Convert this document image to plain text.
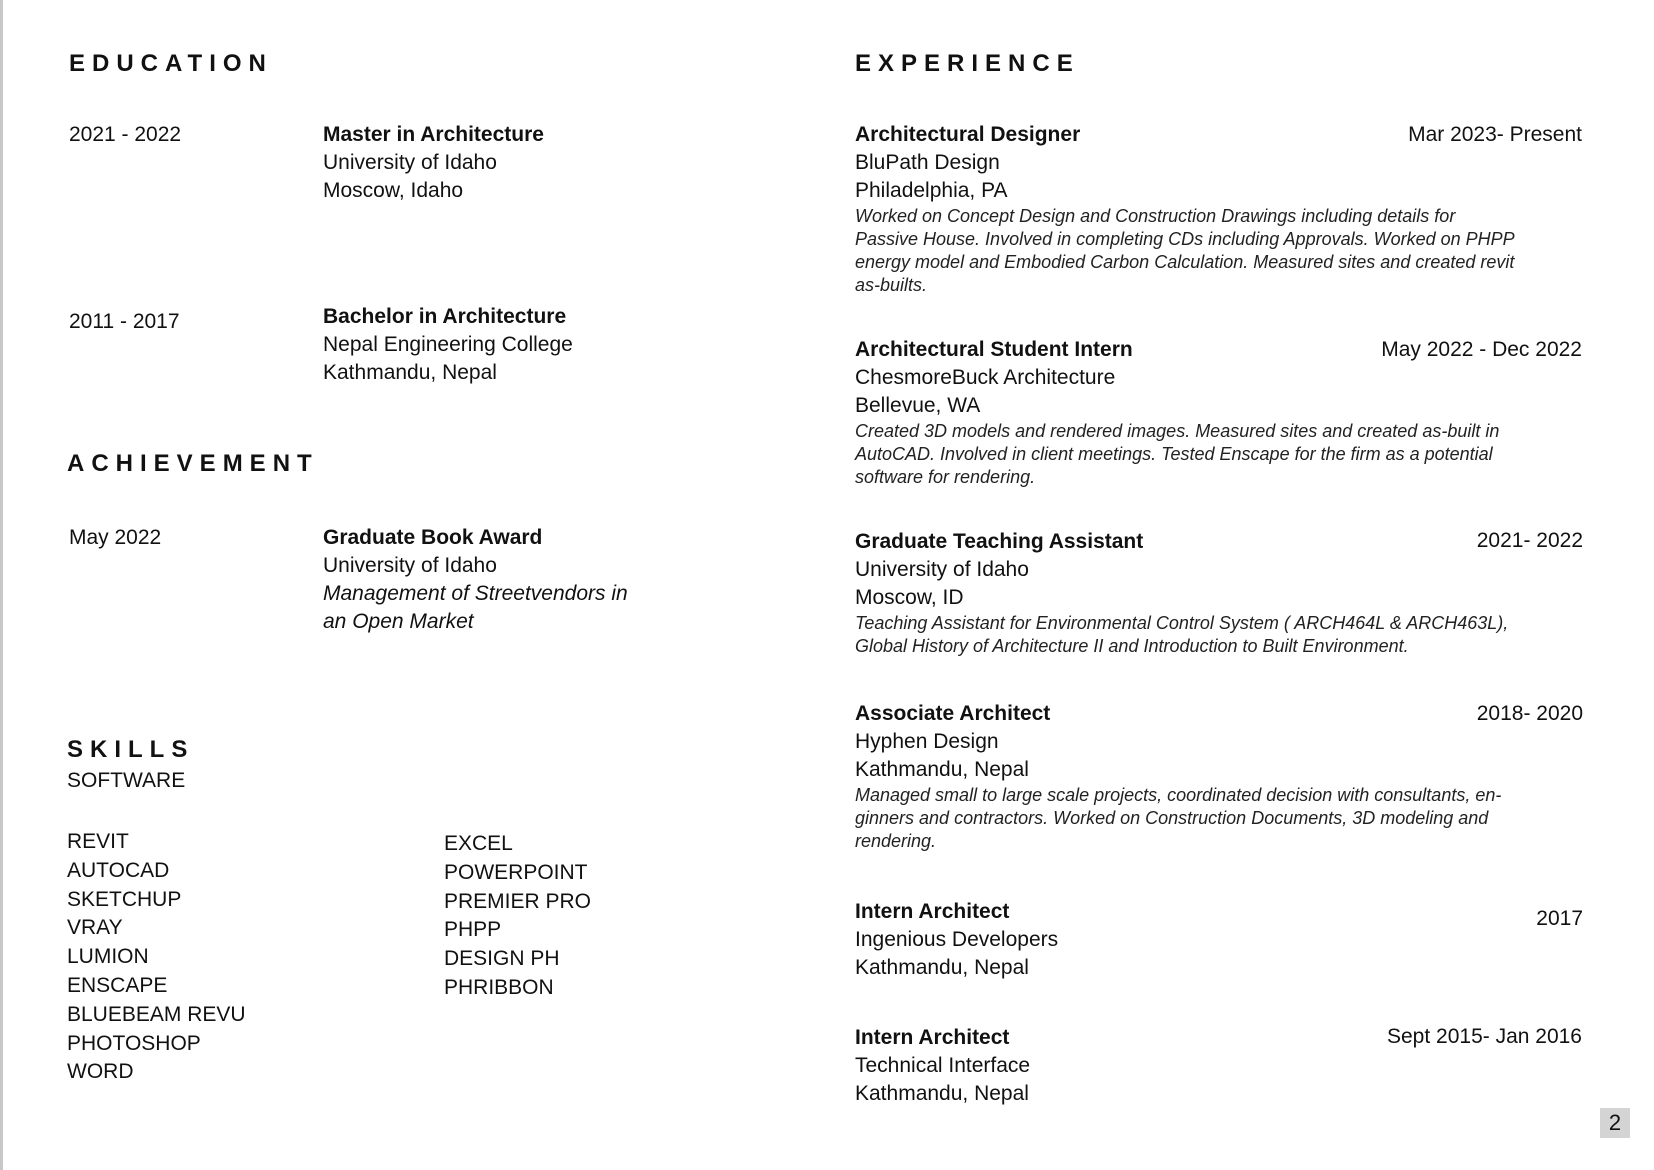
EDUCATION
2021 - 2022	Master in Architecture
University of Idaho
Moscow, Idaho
2011 - 2017	Bachelor in Architecture
Nepal Engineering College
Kathmandu, Nepal
ACHIEVEMENT
May 2022	Graduate Book Award
University of Idaho
Management of Streetvendors in
an Open Market
SKILLS
SOFTWARE
REVIT
AUTOCAD
SKETCHUP
VRAY
LUMION
ENSCAPE
BLUEBEAM REVU
PHOTOSHOP
WORD
EXCEL
POWERPOINT
PREMIER PRO
PHPP
DESIGN PH
PHRIBBON
EXPERIENCE
Architectural Designer
BluPath Design
Philadelphia, PA
Worked on Concept Design and Construction Drawings including details for
Passive House. Involved in completing CDs including Approvals. Worked on PHPP
energy model and Embodied Carbon Calculation. Measured sites and created revit
as-builts.
Mar 2023- Present
Architectural Student Intern
ChesmoreBuck Architecture
Bellevue, WA
Created 3D models and rendered images. Measured sites and created as-built in
AutoCAD. Involved in client meetings. Tested Enscape for the firm as a potential
software for rendering.
May 2022 - Dec 2022
Graduate Teaching Assistant
University of Idaho
Moscow, ID
Teaching Assistant for Environmental Control System ( ARCH464L & ARCH463L),
Global History of Architecture II and Introduction to Built Environment.
2021- 2022
Associate Architect
Hyphen Design
Kathmandu, Nepal
Managed small to large scale projects, coordinated decision with consultants, en-
ginners and contractors. Worked on Construction Documents, 3D modeling and
rendering.
2018- 2020
Intern Architect
Ingenious Developers
Kathmandu, Nepal
2017
Intern Architect
Technical Interface
Kathmandu, Nepal
Sept 2015- Jan 2016
2
